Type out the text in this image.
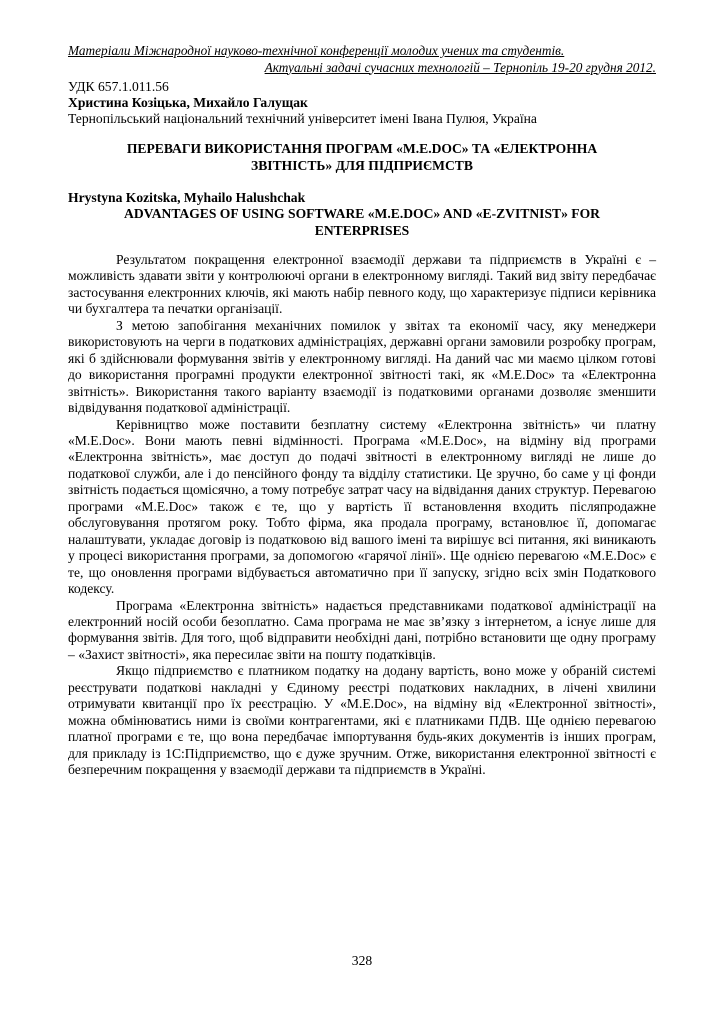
Матеріали Міжнародної науково-технічної конференції молодих учених та студентів.
Актуальні задачі сучасних технологій – Тернопіль 19-20 грудня 2012.
УДК 657.1.011.56
Христина Козіцька, Михайло Галущак
Тернопільський національний технічний університет імені Івана Пулюя, Україна
ПЕРЕВАГИ ВИКОРИСТАННЯ ПРОГРАМ «M.E.DOC» ТА «ЕЛЕКТРОННА
ЗВІТНІСТЬ» ДЛЯ ПІДПРИЄМСТВ
Hrystyna Kozitska, Myhailo Halushchak
ADVANTAGES OF USING SOFTWARE «M.E.DOC» AND «E-ZVITNIST» FOR
ENTERPRISES

Результатом покращення електронної взаємодії держави та підприємств в Україні є – можливість здавати звіти у контролюючі органи в електронному вигляді. Такий вид звіту передбачає застосування електронних ключів, які мають набір певного коду, що характеризує підписи керівника чи бухгалтера та печатки організації.

З метою запобігання механічних помилок у звітах та економії часу, яку менеджери використовують на черги в податкових адміністраціях, державні органи замовили розробку програм, які б здійснювали формування звітів у електронному вигляді. На даний час ми маємо цілком готові до використання програмні продукти електронної звітності такі, як «M.E.Doc» та «Електронна звітність». Використання такого варіанту взаємодії із податковими органами дозволяє зменшити відвідування податкової адміністрації.

Керівництво може поставити безплатну систему «Електронна звітність» чи платну «M.E.Doc». Вони мають певні відмінності. Програма «M.E.Doc», на відміну від програми «Електронна звітність», має доступ до подачі звітності в електронному вигляді не лише до податкової служби, але і до пенсійного фонду та відділу статистики. Це зручно, бо саме у ці фонди звітність подається щомісячно, а тому потребує затрат часу на відвідання даних структур. Перевагою програми «M.E.Doc» також є те, що у вартість її встановлення входить післяпродажне обслуговування протягом року. Тобто фірма, яка продала програму, встановлює її, допомагає налаштувати, укладає договір із податковою від вашого імені та вирішує всі питання, які виникають у процесі використання програми, за допомогою «гарячої лінії». Ще однією перевагою «M.E.Doc» є те, що оновлення програми відбувається автоматично при її запуску, згідно всіх змін Податкового кодексу.

Програма «Електронна звітність» надається представниками податкової адміністрації на електронний носій особи безоплатно. Сама програма не має зв’язку з інтернетом, а існує лише для формування звітів. Для того, щоб відправити необхідні дані, потрібно встановити ще одну програму – «Захист звітності», яка пересилає звіти на пошту податківців.

Якщо підприємство є платником податку на додану вартість, воно може у обраній системі реєструвати податкові накладні у Єдиному реєстрі податкових накладних, в лічені хвилини отримувати квитанції про їх реєстрацію. У «M.E.Doc», на відміну від «Електронної звітності», можна обмінюватись ними із своїми контрагентами, які є платниками ПДВ. Ще однією перевагою платної програми є те, що вона передбачає імпортування будь-яких документів із інших програм, для прикладу із 1С:Підприємство, що є дуже зручним. Отже, використання електронної звітності є безперечним покращення у взаємодії держави та підприємств в Україні.

328
